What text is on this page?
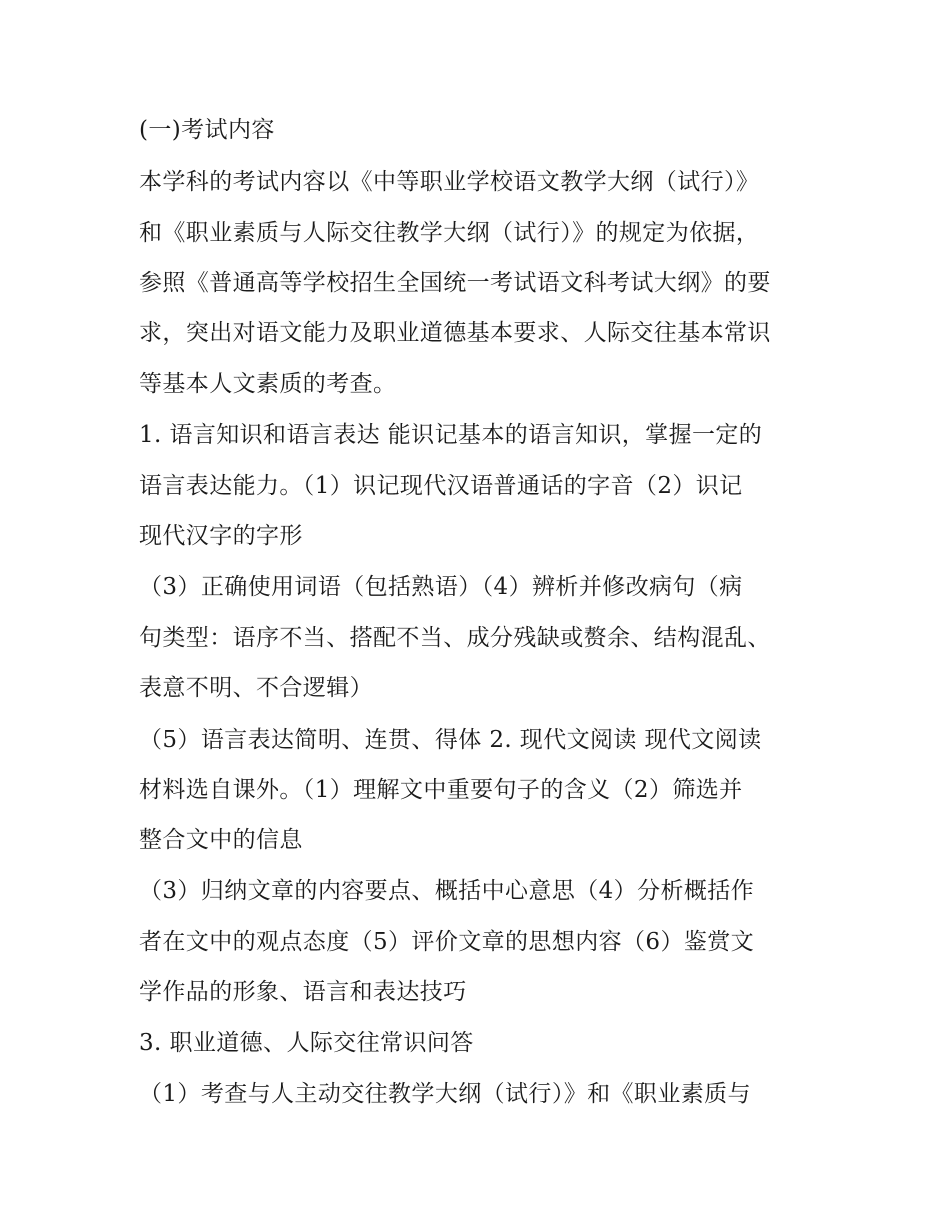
(一)考试内容
本学科的考试内容以《中等职业学校语文教学大纲（试行）》
和《职业素质与人际交往教学大纲（试行）》的规定为依据，
参照《普通高等学校招生全国统一考试语文科考试大纲》的要
求，突出对语文能力及职业道德基本要求、人际交往基本常识
等基本人文素质的考查。
1. 语言知识和语言表达 能识记基本的语言知识，掌握一定的
语言表达能力。（1）识记现代汉语普通话的字音（2）识记
现代汉字的字形
（3）正确使用词语（包括熟语）（4）辨析并修改病句（病
句类型：语序不当、搭配不当、成分残缺或赘余、结构混乱、
表意不明、不合逻辑）
（5）语言表达简明、连贯、得体 2. 现代文阅读 现代文阅读
材料选自课外。（1）理解文中重要句子的含义（2）筛选并
整合文中的信息
（3）归纳文章的内容要点、概括中心意思（4）分析概括作
者在文中的观点态度（5）评价文章的思想内容（6）鉴赏文
学作品的形象、语言和表达技巧
3. 职业道德、人际交往常识问答
（1）考查与人主动交往教学大纲（试行）》和《职业素质与
